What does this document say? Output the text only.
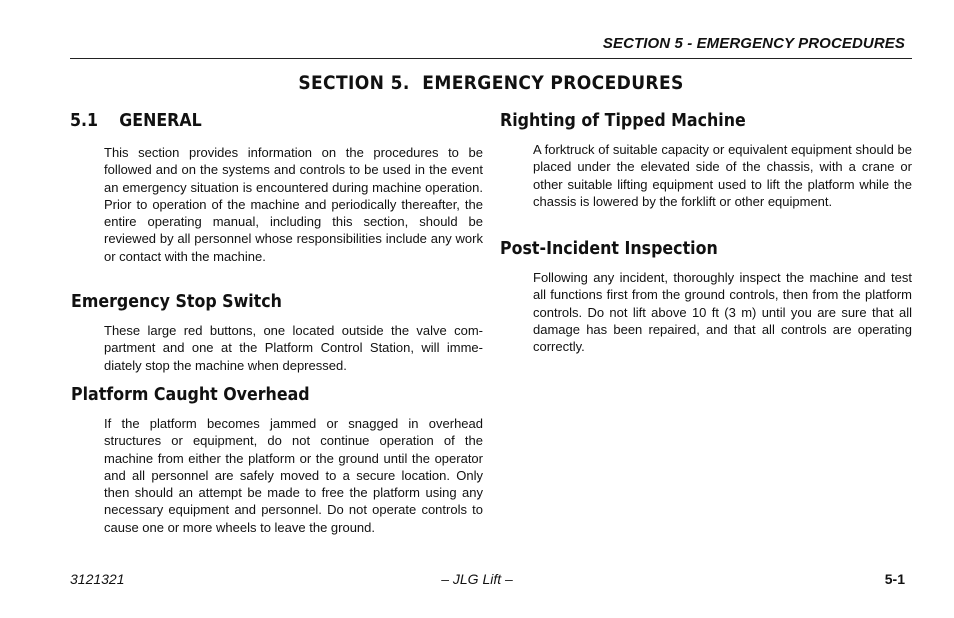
SECTION 5 - EMERGENCY PROCEDURES
SECTION 5.  EMERGENCY PROCEDURES
5.1 GENERAL

This section provides information on the procedures to be followed and on the systems and controls to be used in the event an emergency situation is encountered during machine operation. Prior to operation of the machine and periodically thereafter, the entire operating manual, including this section, should be reviewed by all personnel whose responsibilities include any work or contact with the machine.

Emergency Stop Switch

These large red buttons, one located outside the valve com-partment and one at the Platform Control Station, will imme-diately stop the machine when depressed.

Platform Caught Overhead

If the platform becomes jammed or snagged in overhead structures or equipment, do not continue operation of the machine from either the platform or the ground until the operator and all personnel are safely moved to a secure location. Only then should an attempt be made to free the platform using any necessary equipment and personnel. Do not operate controls to cause one or more wheels to leave the ground.

Righting of Tipped Machine

A forktruck of suitable capacity or equivalent equipment should be placed under the elevated side of the chassis, with a crane or other suitable lifting equipment used to lift the platform while the chassis is lowered by the forklift or other equipment.

Post-Incident Inspection

Following any incident, thoroughly inspect the machine and test all functions first from the ground controls, then from the platform controls. Do not lift above 10 ft (3 m) until you are sure that all damage has been repaired, and that all controls are operating correctly.

3121321	– JLG Lift –	5-1
